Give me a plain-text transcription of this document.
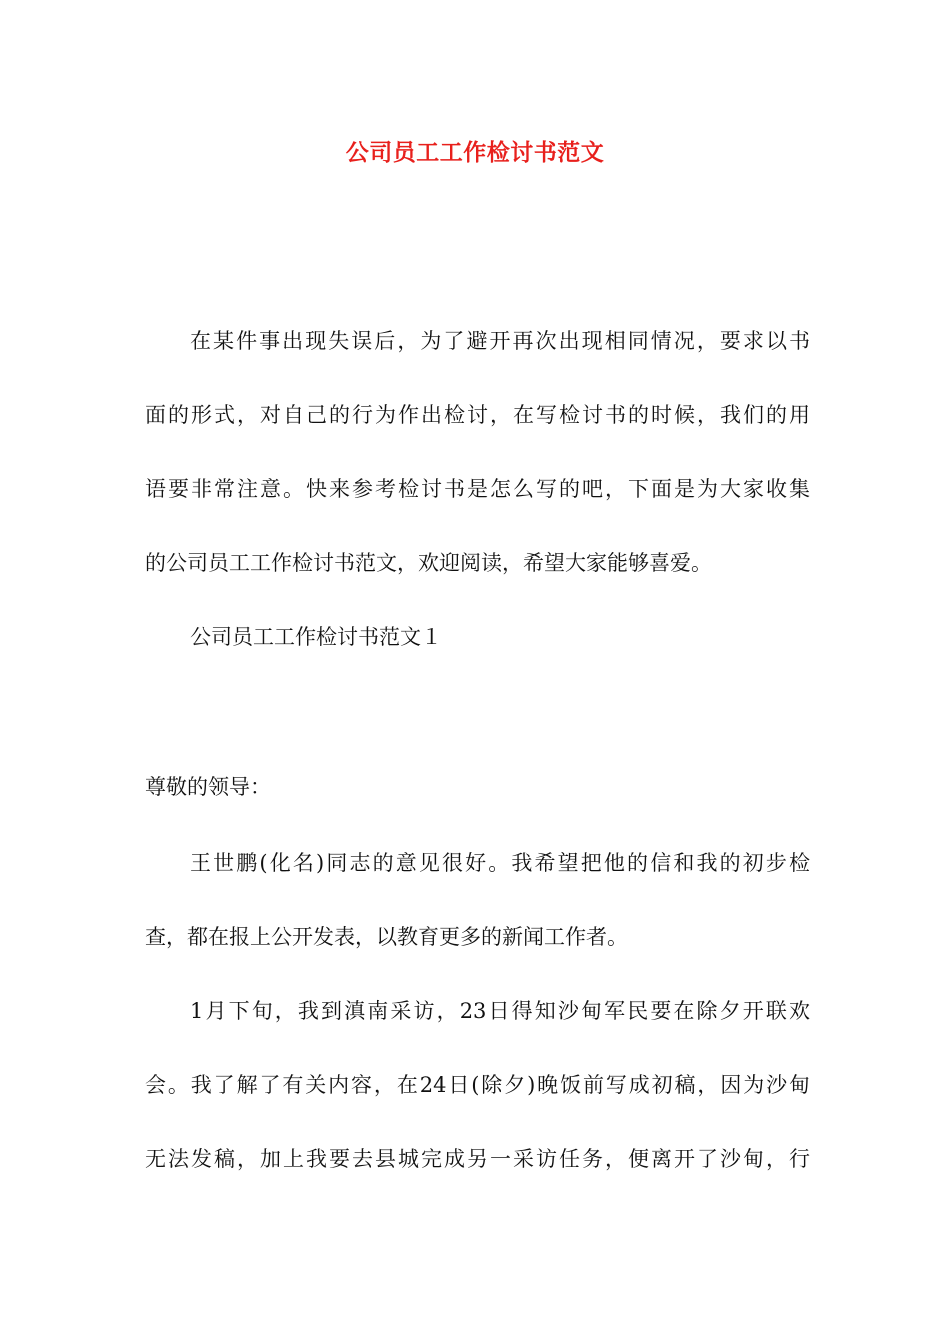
公司员工工作检讨书范文
在某件事出现失误后，为了避开再次出现相同情况，要求以书
面的形式，对自己的行为作出检讨，在写检讨书的时候，我们的用
语要非常注意。快来参考检讨书是怎么写的吧，下面是为大家收集
的公司员工工作检讨书范文，欢迎阅读，希望大家能够喜爱。
公司员工工作检讨书范文１
尊敬的领导：
王世鹏(化名)同志的意见很好。我希望把他的信和我的初步检
查，都在报上公开发表，以教育更多的新闻工作者。
1月下旬，我到滇南采访，23日得知沙甸军民要在除夕开联欢
会。我了解了有关内容，在24日(除夕)晚饭前写成初稿，因为沙甸
无法发稿，加上我要去县城完成另一采访任务，便离开了沙甸，行
